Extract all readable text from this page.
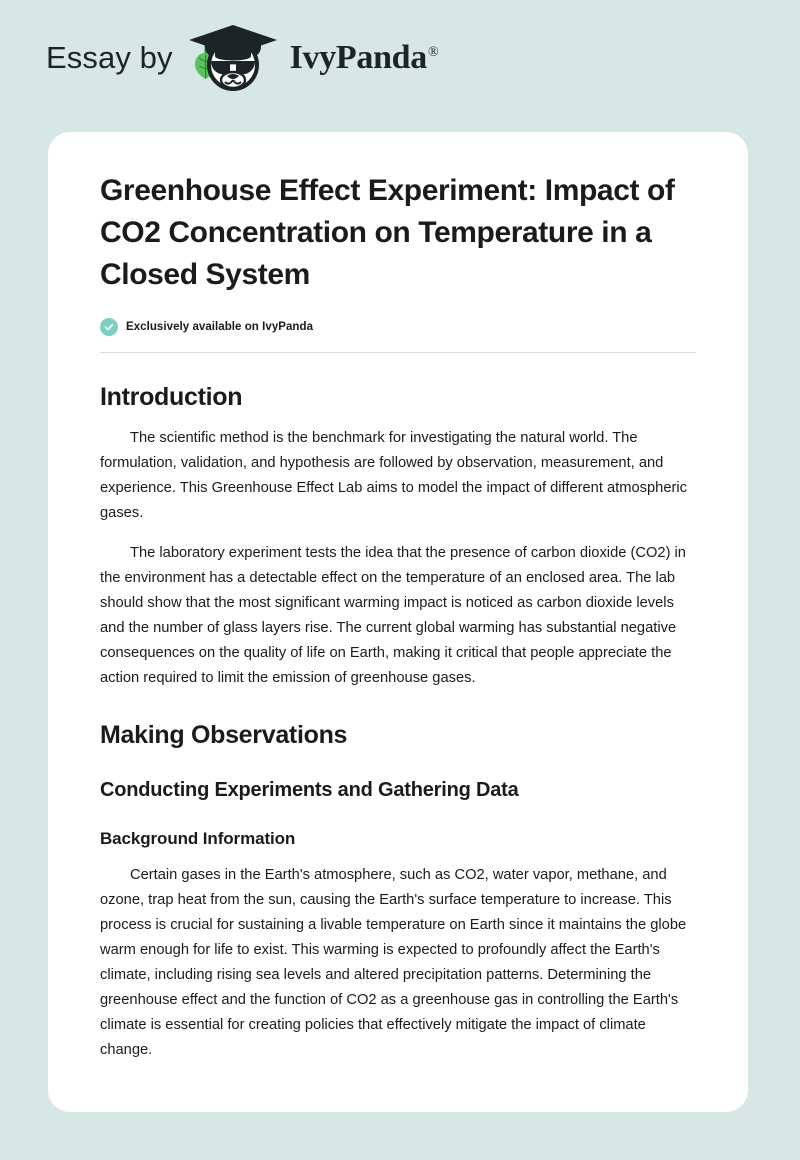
Essay by	IvyPanda®
Greenhouse Effect Experiment: Impact of CO2 Concentration on Temperature in a Closed System
Exclusively available on IvyPanda
Introduction

The scientific method is the benchmark for investigating the natural world. The formulation, validation, and hypothesis are followed by observation, measurement, and experience. This Greenhouse Effect Lab aims to model the impact of different atmospheric gases.

The laboratory experiment tests the idea that the presence of carbon dioxide (CO2) in the environment has a detectable effect on the temperature of an enclosed area. The lab should show that the most significant warming impact is noticed as carbon dioxide levels and the number of glass layers rise. The current global warming has substantial negative consequences on the quality of life on Earth, making it critical that people appreciate the action required to limit the emission of greenhouse gases.

Making Observations
Conducting Experiments and Gathering Data
Background Information

Certain gases in the Earth's atmosphere, such as CO2, water vapor, methane, and ozone, trap heat from the sun, causing the Earth's surface temperature to increase. This process is crucial for sustaining a livable temperature on Earth since it maintains the globe warm enough for life to exist. This warming is expected to profoundly affect the Earth's climate, including rising sea levels and altered precipitation patterns. Determining the greenhouse effect and the function of CO2 as a greenhouse gas in controlling the Earth's climate is essential for creating policies that effectively mitigate the impact of climate change.
